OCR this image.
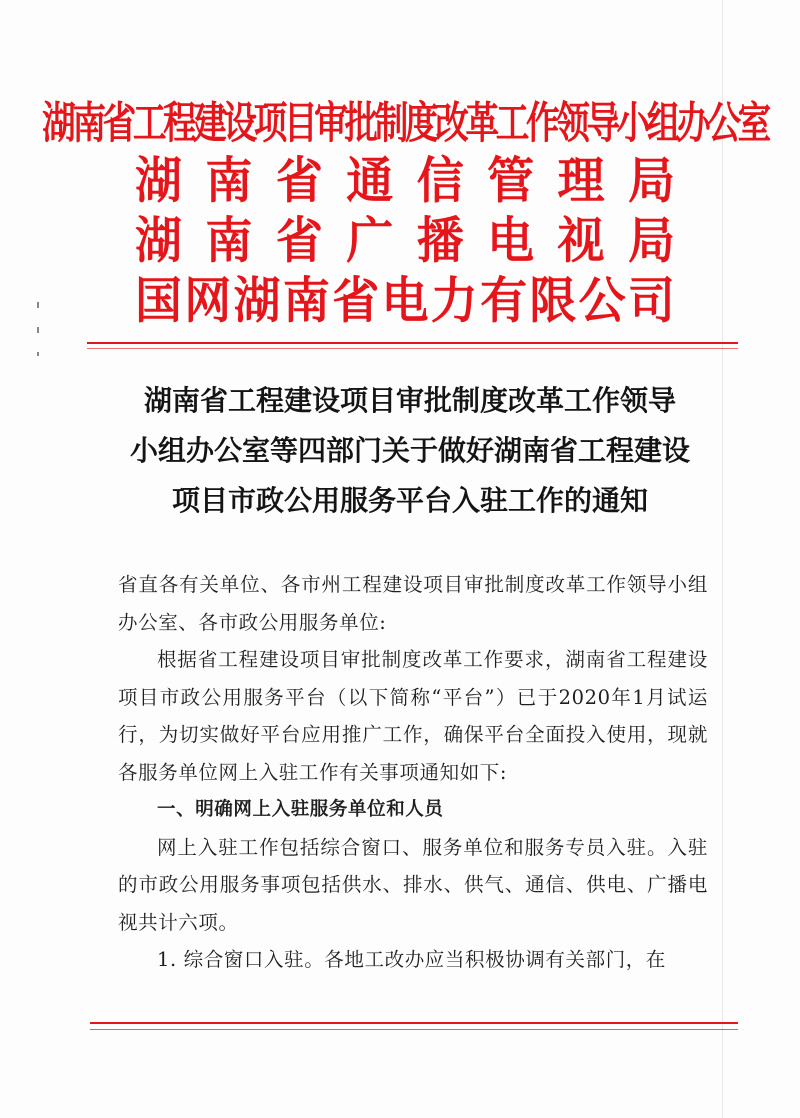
湖南省工程建设项目审批制度改革工作领导小组办公室
湖 南 省 通 信 管 理 局
湖 南 省 广 播 电 视 局
国 网 湖 南 省 电 力 有 限 公 司
湖南省工程建设项目审批制度改革工作领导
小组办公室等四部门关于做好湖南省工程建设
项目市政公用服务平台入驻工作的通知
省直各有关单位、各市州工程建设项目审批制度改革工作领导小组办公室、各市政公用服务单位:
根据省工程建设项目审批制度改革工作要求，湖南省工程建设项目市政公用服务平台（以下简称“平台”）已于2020年1月试运行，为切实做好平台应用推广工作，确保平台全面投入使用，现就各服务单位网上入驻工作有关事项通知如下:
一、明确网上入驻服务单位和人员
网上入驻工作包括综合窗口、服务单位和服务专员入驻。入驻的市政公用服务事项包括供水、排水、供气、通信、供电、广播电视共计六项。
1. 综合窗口入驻。各地工改办应当积极协调有关部门，在
